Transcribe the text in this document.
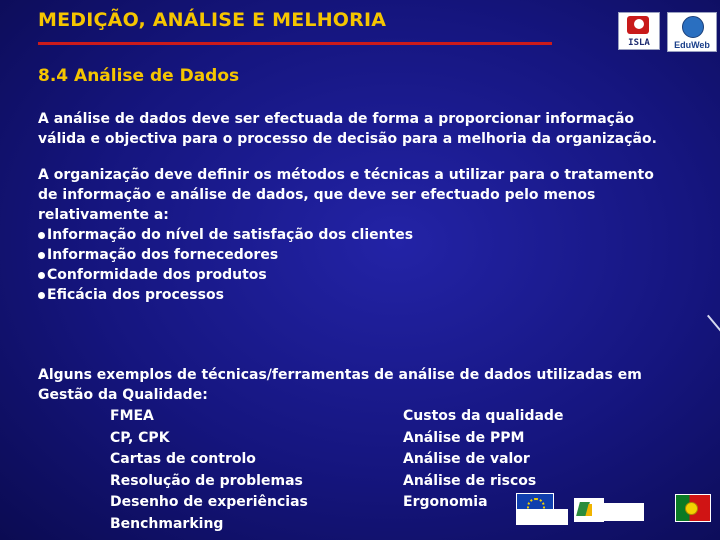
MEDIÇÃO, ANÁLISE E MELHORIA
ISLA	EduWeb
8.4 Análise de Dados
A análise de dados deve ser efectuada de forma a proporcionar informação
válida e objectiva para o processo de decisão para a melhoria da organização.
A organização deve definir os métodos e técnicas a utilizar para o tratamento
de informação e análise de dados, que deve ser efectuado pelo menos
relativamente a:
Informação do nível de satisfação dos clientes
Informação dos fornecedores
Conformidade dos produtos
Eficácia dos processos
Alguns exemplos de técnicas/ferramentas de análise de dados utilizadas em
Gestão da Qualidade:
FMEA
CP, CPK
Cartas de controlo
Resolução de problemas
Desenho de experiências
Benchmarking
Custos da qualidade
Análise de PPM
Análise de valor
Análise de riscos
Ergonomia
